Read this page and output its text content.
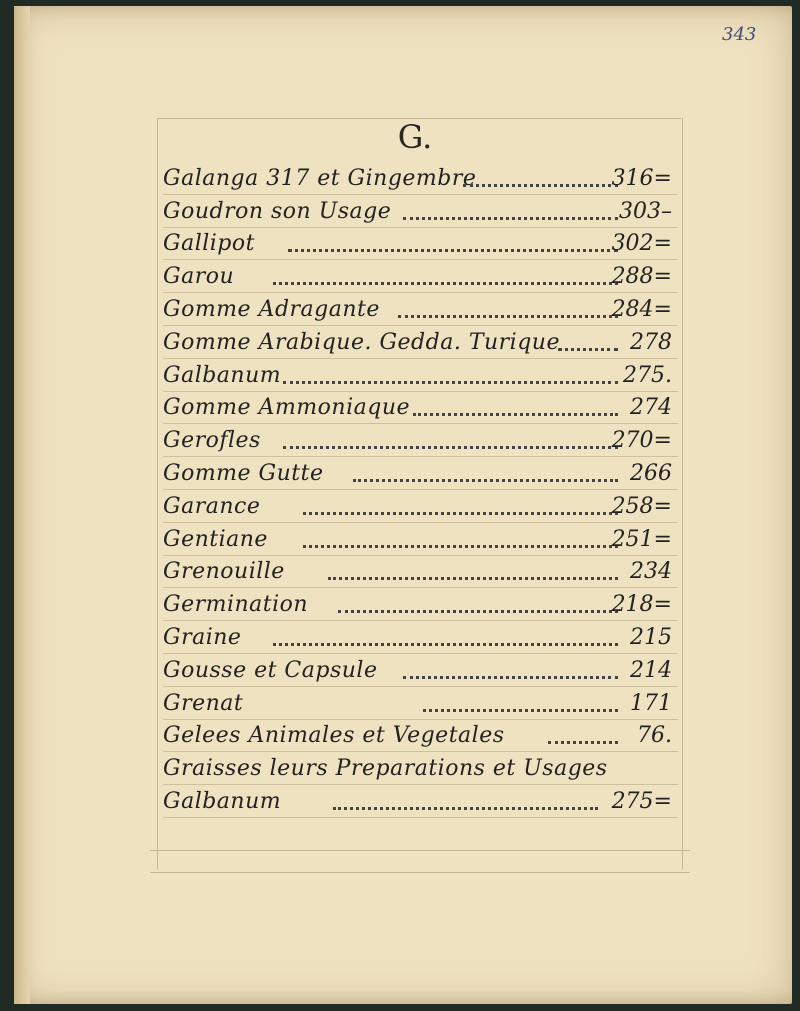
343
G.
Galanga 317 et Gingembre	316=
Goudron son Usage	303–
Gallipot	302=
Garou	288=
Gomme Adragante	284=
Gomme Arabique. Gedda. Turique	278
Galbanum	275.
Gomme Ammoniaque	274
Gerofles	270=
Gomme Gutte	266
Garance	258=
Gentiane	251=
Grenouille	234
Germination	218=
Graine	215
Gousse et Capsule	214
Grenat	171
Gelees Animales et Vegetales	76.
Graisses leurs Preparations et Usages
Galbanum	275=
